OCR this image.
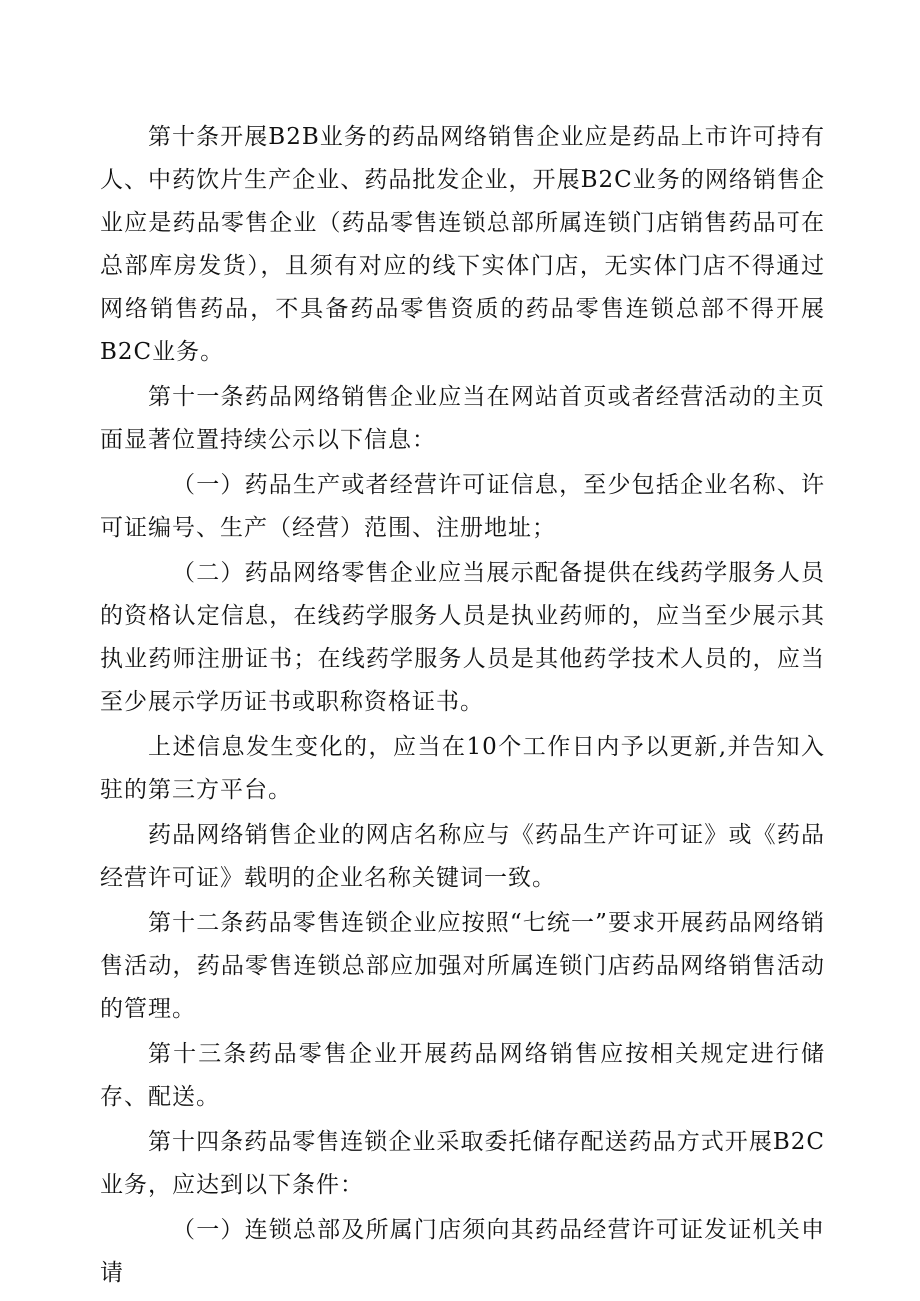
第十条开展B2B业务的药品网络销售企业应是药品上市许可持有人、中药饮片生产企业、药品批发企业，开展B2C业务的网络销售企业应是药品零售企业（药品零售连锁总部所属连锁门店销售药品可在总部库房发货），且须有对应的线下实体门店，无实体门店不得通过网络销售药品，不具备药品零售资质的药品零售连锁总部不得开展B2C业务。

第十一条药品网络销售企业应当在网站首页或者经营活动的主页面显著位置持续公示以下信息：

（一）药品生产或者经营许可证信息，至少包括企业名称、许可证编号、生产（经营）范围、注册地址；

（二）药品网络零售企业应当展示配备提供在线药学服务人员的资格认定信息，在线药学服务人员是执业药师的，应当至少展示其执业药师注册证书；在线药学服务人员是其他药学技术人员的，应当至少展示学历证书或职称资格证书。

上述信息发生变化的，应当在10个工作日内予以更新,并告知入驻的第三方平台。

药品网络销售企业的网店名称应与《药品生产许可证》或《药品经营许可证》载明的企业名称关键词一致。

第十二条药品零售连锁企业应按照“七统一”要求开展药品网络销售活动，药品零售连锁总部应加强对所属连锁门店药品网络销售活动的管理。

第十三条药品零售企业开展药品网络销售应按相关规定进行储存、配送。

第十四条药品零售连锁企业采取委托储存配送药品方式开展B2C业务，应达到以下条件：

（一）连锁总部及所属门店须向其药品经营许可证发证机关申请
